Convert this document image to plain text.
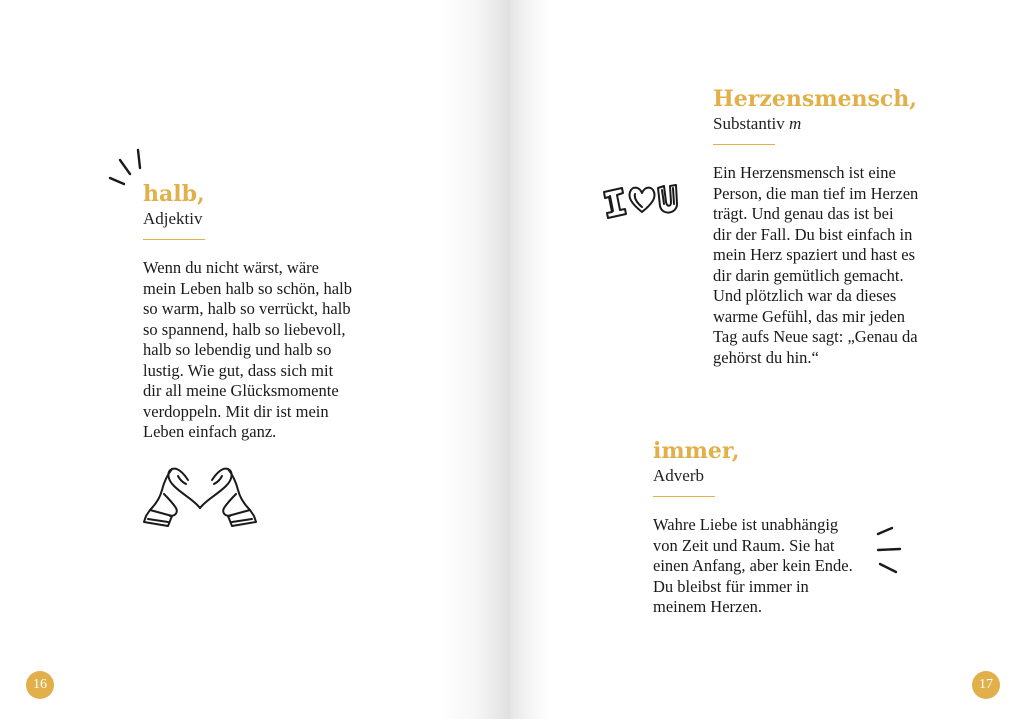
halb,
Adjektiv
Wenn du nicht wärst, wäre
mein Leben halb so schön, halb
so warm, halb so verrückt, halb
so spannend, halb so liebevoll,
halb so lebendig und halb so
lustig. Wie gut, dass sich mit
dir all meine Glücksmomente
verdoppeln. Mit dir ist mein
Leben einfach ganz.
16
Herzensmensch,
Substantiv m
Ein Herzensmensch ist eine
Person, die man tief im Herzen
trägt. Und genau das ist bei
dir der Fall. Du bist einfach in
mein Herz spaziert und hast es
dir darin gemütlich gemacht.
Und plötzlich war da dieses
warme Gefühl, das mir jeden
Tag aufs Neue sagt: „Genau da
gehörst du hin.“
immer,
Adverb
Wahre Liebe ist unabhängig
von Zeit und Raum. Sie hat
einen Anfang, aber kein Ende.
Du bleibst für immer in
meinem Herzen.
17
